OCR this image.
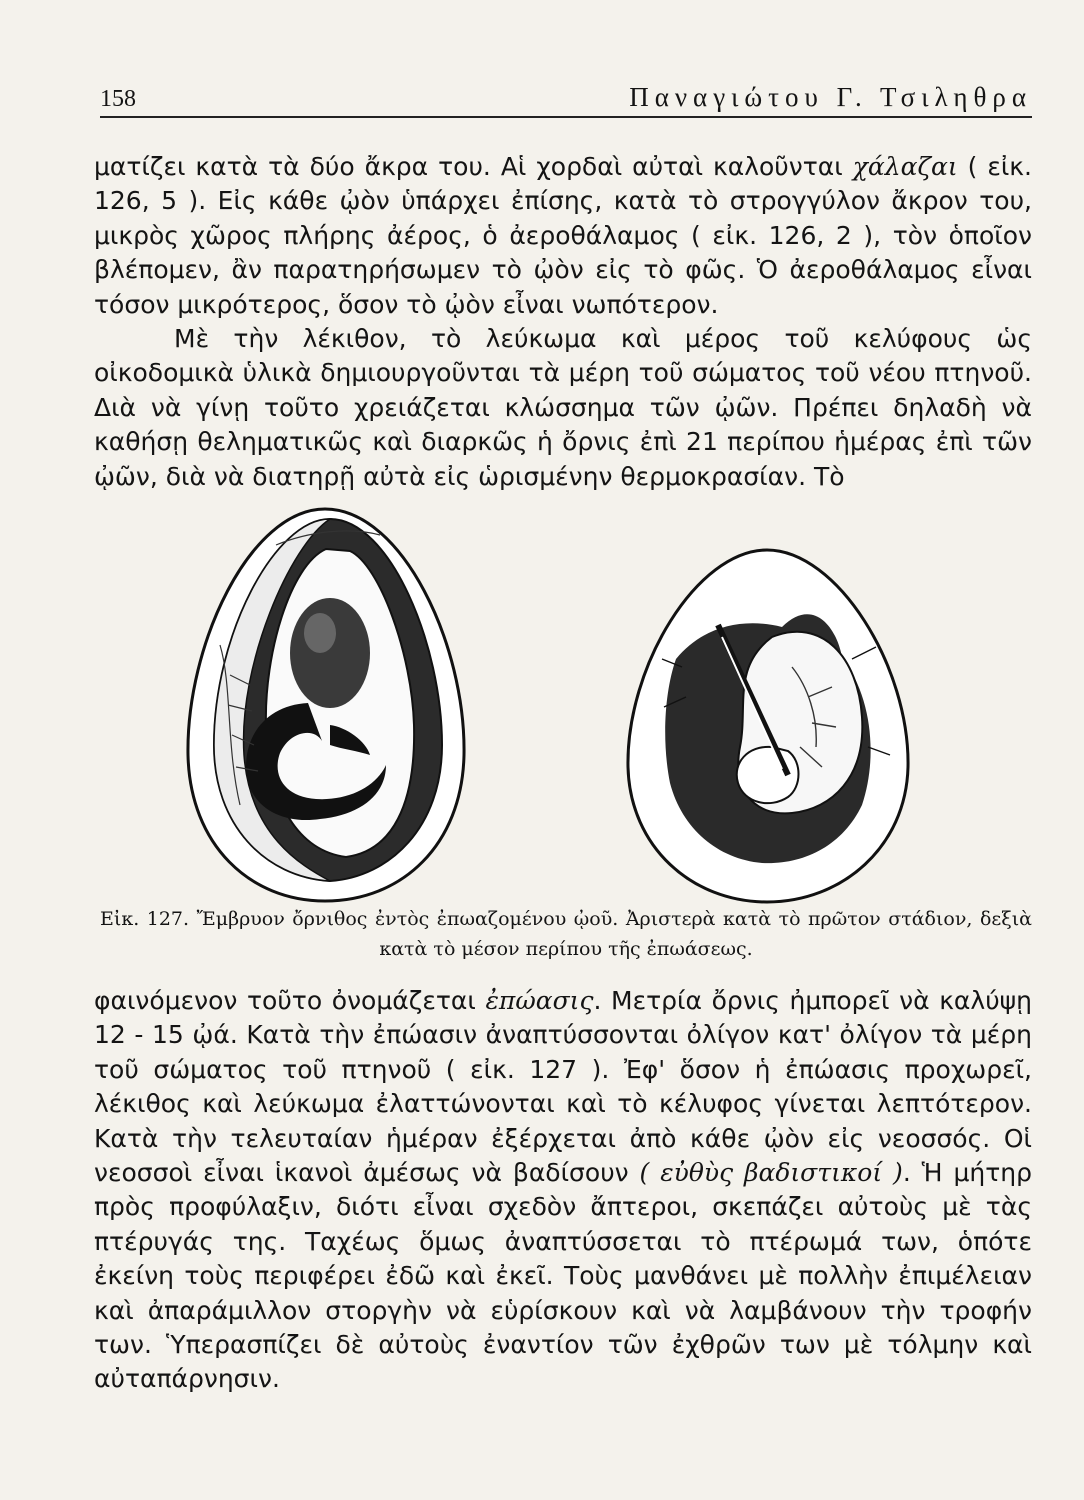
158	Παναγιώτου Γ. Τσιληθρα

ματίζει κατὰ τὰ δύο ἄκρα του. Αἱ χορδαὶ αὐταὶ καλοῦνται χάλαζαι ( εἰκ. 126, 5 ). Εἰς κάθε ᾠὸν ὑπάρχει ἐπίσης, κατὰ τὸ στρογγύλον ἄκρον του, μικρὸς χῶρος πλήρης ἀέρος, ὁ ἀεροθάλαμος ( εἰκ. 126, 2 ), τὸν ὁποῖον βλέπομεν, ἂν παρατηρήσωμεν τὸ ᾠὸν εἰς τὸ φῶς. Ὁ ἀεροθάλαμος εἶναι τόσον μικρότερος, ὅσον τὸ ᾠὸν εἶναι νωπότερον.

Μὲ τὴν λέκιθον, τὸ λεύκωμα καὶ μέρος τοῦ κελύφους ὡς οἰκοδομικὰ ὑλικὰ δημιουργοῦνται τὰ μέρη τοῦ σώματος τοῦ νέου πτηνοῦ. Διὰ νὰ γίνῃ τοῦτο χρειάζεται κλώσσημα τῶν ᾠῶν. Πρέπει δηλαδὴ νὰ καθήσῃ θεληματικῶς καὶ διαρκῶς ἡ ὄρνις ἐπὶ 21 περίπου ἡμέρας ἐπὶ τῶν ᾠῶν, διὰ νὰ διατηρῇ αὐτὰ εἰς ὡρισμένην θερμοκρασίαν. Τὸ

Εἰκ. 127. Ἔμβρυον ὄρνιθος ἐντὸς ἐπωαζομένου ᾠοῦ. Ἀριστερὰ κατὰ τὸ πρῶτον στάδιον, δεξιὰ κατὰ τὸ μέσον περίπου τῆς ἐπωάσεως.

φαινόμενον τοῦτο ὀνομάζεται ἐπώασις. Μετρία ὄρνις ἠμπορεῖ νὰ καλύψῃ 12 - 15 ᾠά. Κατὰ τὴν ἐπώασιν ἀναπτύσσονται ὀλίγον κατ' ὀλίγον τὰ μέρη τοῦ σώματος τοῦ πτηνοῦ ( εἰκ. 127 ). Ἐφ' ὅσον ἡ ἐπώασις προχωρεῖ, λέκιθος καὶ λεύκωμα ἐλαττώνονται καὶ τὸ κέλυφος γίνεται λεπτότερον. Κατὰ τὴν τελευταίαν ἡμέραν ἐξέρχεται ἀπὸ κάθε ᾠὸν εἰς νεοσσός. Οἱ νεοσσοὶ εἶναι ἱκανοὶ ἀμέσως νὰ βαδίσουν ( εὐθὺς βαδιστικοί ). Ἡ μήτηρ πρὸς προφύλαξιν, διότι εἶναι σχεδὸν ἄπτεροι, σκεπάζει αὐτοὺς μὲ τὰς πτέρυγάς της. Ταχέως ὅμως ἀναπτύσσεται τὸ πτέρωμά των, ὁπότε ἐκείνη τοὺς περιφέρει ἐδῶ καὶ ἐκεῖ. Τοὺς μανθάνει μὲ πολλὴν ἐπιμέλειαν καὶ ἀπαράμιλλον στοργὴν νὰ εὑρίσκουν καὶ νὰ λαμβάνουν τὴν τροφήν των. Ὑπερασπίζει δὲ αὐτοὺς ἐναντίον τῶν ἐχθρῶν των μὲ τόλμην καὶ αὐταπάρνησιν.
